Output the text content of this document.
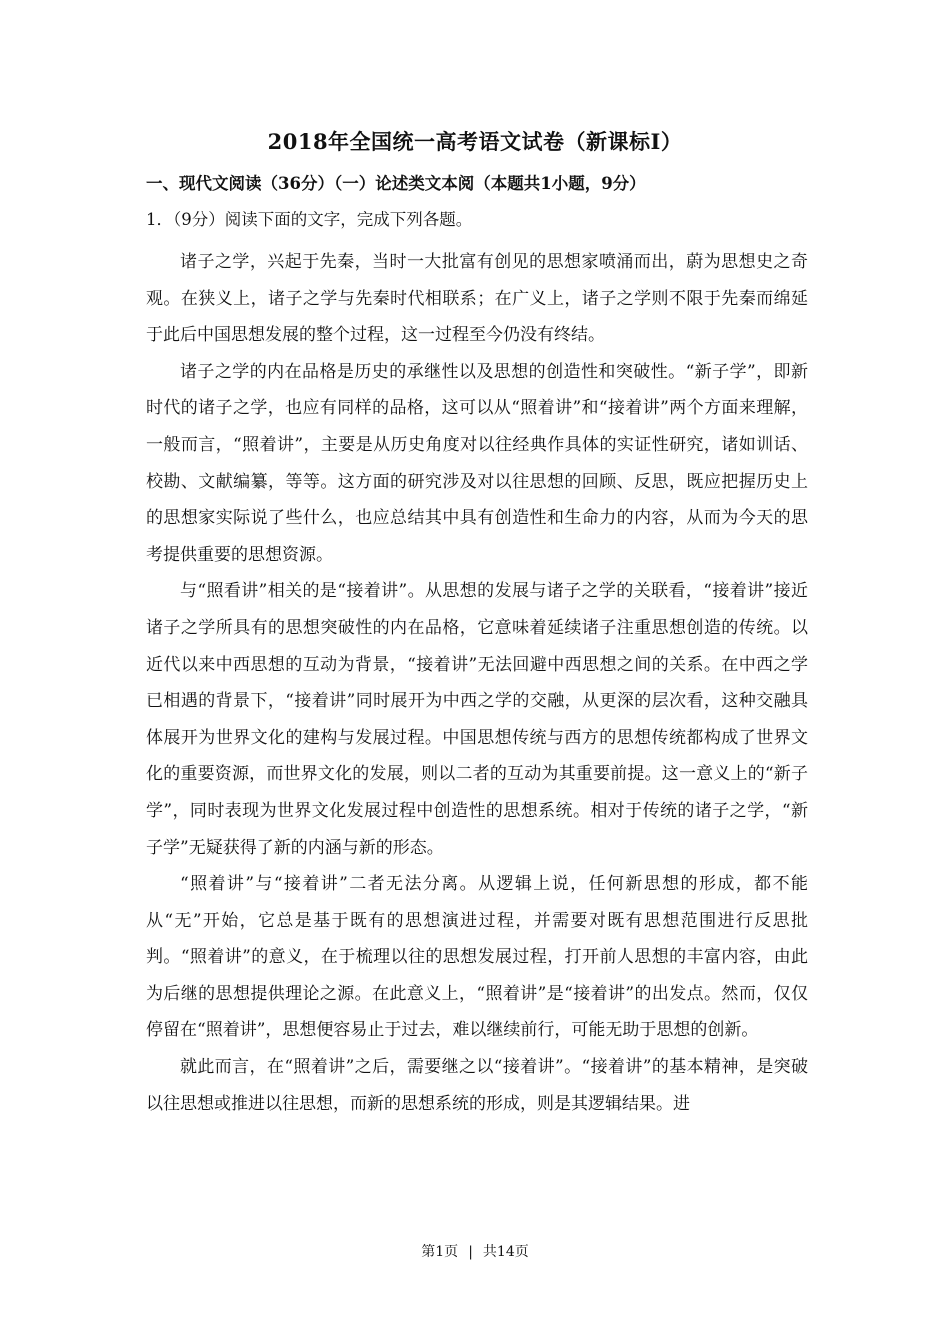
2018年全国统一高考语文试卷（新课标Ⅰ）
一、现代文阅读（36分）（一）论述类文本阅（本题共1小题，9分）
1．（9分）阅读下面的文字，完成下列各题。

诸子之学，兴起于先秦，当时一大批富有创见的思想家喷涌而出，蔚为思想史之奇观。在狭义上，诸子之学与先秦时代相联系；在广义上，诸子之学则不限于先秦而绵延于此后中国思想发展的整个过程，这一过程至今仍没有终结。

诸子之学的内在品格是历史的承继性以及思想的创造性和突破性。“新子学”，即新时代的诸子之学，也应有同样的品格，这可以从“照着讲”和“接着讲”两个方面来理解，一般而言，“照着讲”，主要是从历史角度对以往经典作具体的实证性研究，诸如训话、校勘、文献编纂，等等。这方面的研究涉及对以往思想的回顾、反思，既应把握历史上的思想家实际说了些什么，也应总结其中具有创造性和生命力的内容，从而为今天的思考提供重要的思想资源。

与“照看讲”相关的是“接着讲”。从思想的发展与诸子之学的关联看，“接着讲”接近诸子之学所具有的思想突破性的内在品格，它意味着延续诸子注重思想创造的传统。以近代以来中西思想的互动为背景，“接着讲”无法回避中西思想之间的关系。在中西之学已相遇的背景下，“接着讲”同时展开为中西之学的交融，从更深的层次看，这种交融具体展开为世界文化的建构与发展过程。中国思想传统与西方的思想传统都构成了世界文化的重要资源，而世界文化的发展，则以二者的互动为其重要前提。这一意义上的“新子学”，同时表现为世界文化发展过程中创造性的思想系统。相对于传统的诸子之学，“新子学”无疑获得了新的内涵与新的形态。

“照着讲”与“接着讲”二者无法分离。从逻辑上说，任何新思想的形成，都不能从“无”开始，它总是基于既有的思想演进过程，并需要对既有思想范围进行反思批判。“照着讲”的意义，在于梳理以往的思想发展过程，打开前人思想的丰富内容，由此为后继的思想提供理论之源。在此意义上，“照着讲”是“接着讲”的出发点。然而，仅仅停留在“照着讲”，思想便容易止于过去，难以继续前行，可能无助于思想的创新。

就此而言，在“照着讲”之后，需要继之以“接着讲”。“接着讲”的基本精神，是突破以往思想或推进以往思想，而新的思想系统的形成，则是其逻辑结果。进

第1页 | 共14页
